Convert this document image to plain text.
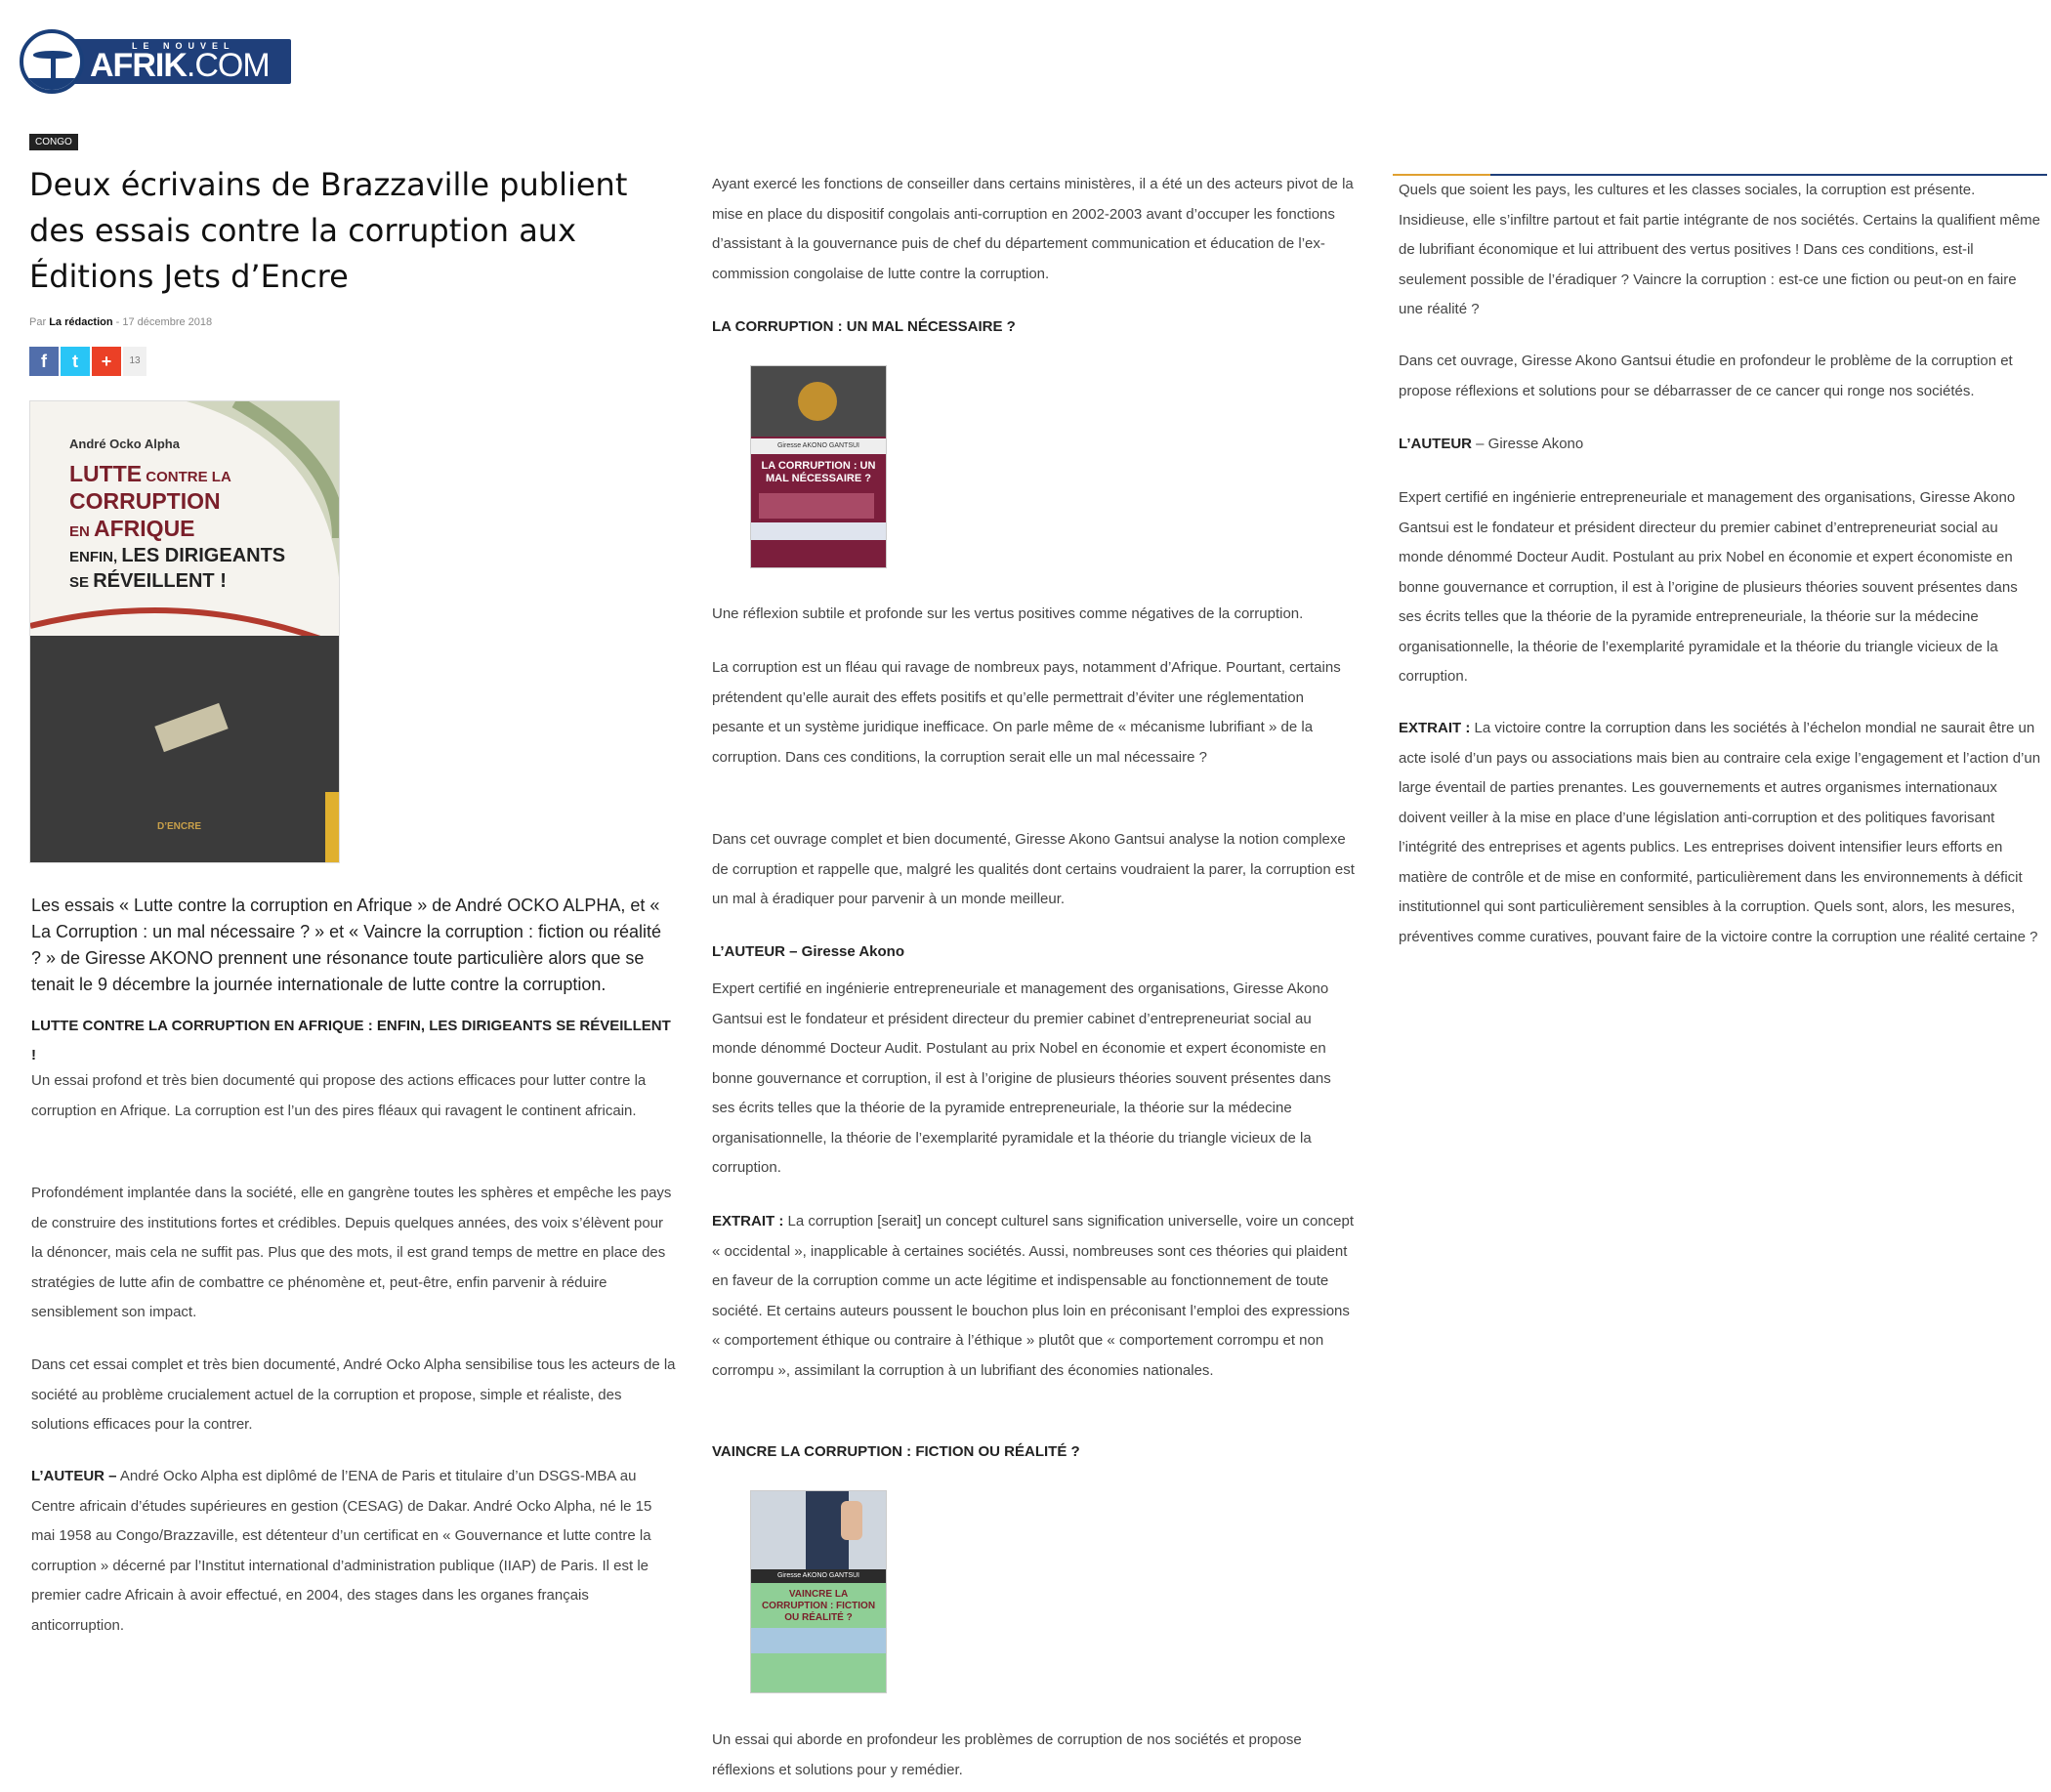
LE NOUVEL
AFRIK.COM
CONGO
Deux écrivains de Brazzaville publient des essais contre la corruption aux Éditions Jets d’Encre
Par La rédaction - 17 décembre 2018
f t + 13
André Ocko Alpha
LUTTE CONTRE LA
CORRUPTION
EN AFRIQUE
ENFIN, LES DIRIGEANTS
SE RÉVEILLENT !
D’ENCRE
Les essais « Lutte contre la corruption en Afrique » de André OCKO ALPHA, et « La Corruption : un mal nécessaire ? » et « Vaincre la corruption : fiction ou réalité ? » de Giresse AKONO prennent une résonance toute particulière alors que se tenait le 9 décembre la journée internationale de lutte contre la corruption.
LUTTE CONTRE LA CORRUPTION EN AFRIQUE : ENFIN, LES DIRIGEANTS SE RÉVEILLENT !
Un essai profond et très bien documenté qui propose des actions efficaces pour lutter contre la corruption en Afrique. La corruption est l’un des pires fléaux qui ravagent le continent africain.
Profondément implantée dans la société, elle en gangrène toutes les sphères et empêche les pays de construire des institutions fortes et crédibles. Depuis quelques années, des voix s’élèvent pour la dénoncer, mais cela ne suffit pas. Plus que des mots, il est grand temps de mettre en place des stratégies de lutte afin de combattre ce phénomène et, peut-être, enfin parvenir à réduire sensiblement son impact.
Dans cet essai complet et très bien documenté, André Ocko Alpha sensibilise tous les acteurs de la société au problème crucialement actuel de la corruption et propose, simple et réaliste, des solutions efficaces pour la contrer.
L’AUTEUR – André Ocko Alpha est diplômé de l’ENA de Paris et titulaire d’un DSGS-MBA au Centre africain d’études supérieures en gestion (CESAG) de Dakar. André Ocko Alpha, né le 15 mai 1958 au Congo/Brazzaville, est détenteur d’un certificat en « Gouvernance et lutte contre la corruption » décerné par l’Institut international d’administration publique (IIAP) de Paris. Il est le premier cadre Africain à avoir effectué, en 2004, des stages dans les organes français anticorruption.
Ayant exercé les fonctions de conseiller dans certains ministères, il a été un des acteurs pivot de la mise en place du dispositif congolais anti-corruption en 2002-2003 avant d’occuper les fonctions d’assistant à la gouvernance puis de chef du département communication et éducation de l’ex-commission congolaise de lutte contre la corruption.
LA CORRUPTION : UN MAL NÉCESSAIRE ?
Giresse AKONO GANTSUI
LA CORRUPTION : UN MAL NÉCESSAIRE ?
Une réflexion subtile et profonde sur les vertus positives comme négatives de la corruption.
La corruption est un fléau qui ravage de nombreux pays, notamment d’Afrique. Pourtant, certains prétendent qu’elle aurait des effets positifs et qu’elle permettrait d’éviter une réglementation pesante et un système juridique inefficace. On parle même de « mécanisme lubrifiant » de la corruption. Dans ces conditions, la corruption serait elle un mal nécessaire ?
Dans cet ouvrage complet et bien documenté, Giresse Akono Gantsui analyse la notion complexe de corruption et rappelle que, malgré les qualités dont certains voudraient la parer, la corruption est un mal à éradiquer pour parvenir à un monde meilleur.
L’AUTEUR – Giresse Akono
Expert certifié en ingénierie entrepreneuriale et management des organisations, Giresse Akono Gantsui est le fondateur et président directeur du premier cabinet d’entrepreneuriat social au monde dénommé Docteur Audit. Postulant au prix Nobel en économie et expert économiste en bonne gouvernance et corruption, il est à l’origine de plusieurs théories souvent présentes dans ses écrits telles que la théorie de la pyramide entrepreneuriale, la théorie sur la médecine organisationnelle, la théorie de l’exemplarité pyramidale et la théorie du triangle vicieux de la corruption.
EXTRAIT : La corruption [serait] un concept culturel sans signification universelle, voire un concept « occidental », inapplicable à certaines sociétés. Aussi, nombreuses sont ces théories qui plaident en faveur de la corruption comme un acte légitime et indispensable au fonctionnement de toute société. Et certains auteurs poussent le bouchon plus loin en préconisant l’emploi des expressions « comportement éthique ou contraire à l’éthique » plutôt que « comportement corrompu et non corrompu », assimilant la corruption à un lubrifiant des économies nationales.
VAINCRE LA CORRUPTION : FICTION OU RÉALITÉ ?
Giresse AKONO GANTSUI
VAINCRE LA CORRUPTION : FICTION OU RÉALITÉ ?
Un essai qui aborde en profondeur les problèmes de corruption de nos sociétés et propose réflexions et solutions pour y remédier.
Quels que soient les pays, les cultures et les classes sociales, la corruption est présente. Insidieuse, elle s’infiltre partout et fait partie intégrante de nos sociétés. Certains la qualifient même de lubrifiant économique et lui attribuent des vertus positives ! Dans ces conditions, est-il seulement possible de l’éradiquer ? Vaincre la corruption : est-ce une fiction ou peut-on en faire une réalité ?
Dans cet ouvrage, Giresse Akono Gantsui étudie en profondeur le problème de la corruption et propose réflexions et solutions pour se débarrasser de ce cancer qui ronge nos sociétés.
L’AUTEUR – Giresse Akono
Expert certifié en ingénierie entrepreneuriale et management des organisations, Giresse Akono Gantsui est le fondateur et président directeur du premier cabinet d’entrepreneuriat social au monde dénommé Docteur Audit. Postulant au prix Nobel en économie et expert économiste en bonne gouvernance et corruption, il est à l’origine de plusieurs théories souvent présentes dans ses écrits telles que la théorie de la pyramide entrepreneuriale, la théorie sur la médecine organisationnelle, la théorie de l’exemplarité pyramidale et la théorie du triangle vicieux de la corruption.
EXTRAIT : La victoire contre la corruption dans les sociétés à l’échelon mondial ne saurait être un acte isolé d’un pays ou associations mais bien au contraire cela exige l’engagement et l’action d’un large éventail de parties prenantes. Les gouvernements et autres organismes internationaux doivent veiller à la mise en place d’une législation anti-corruption et des politiques favorisant l’intégrité des entreprises et agents publics. Les entreprises doivent intensifier leurs efforts en matière de contrôle et de mise en conformité, particulièrement dans les environnements à déficit institutionnel qui sont particulièrement sensibles à la corruption. Quels sont, alors, les mesures, préventives comme curatives, pouvant faire de la victoire contre la corruption une réalité certaine ?
